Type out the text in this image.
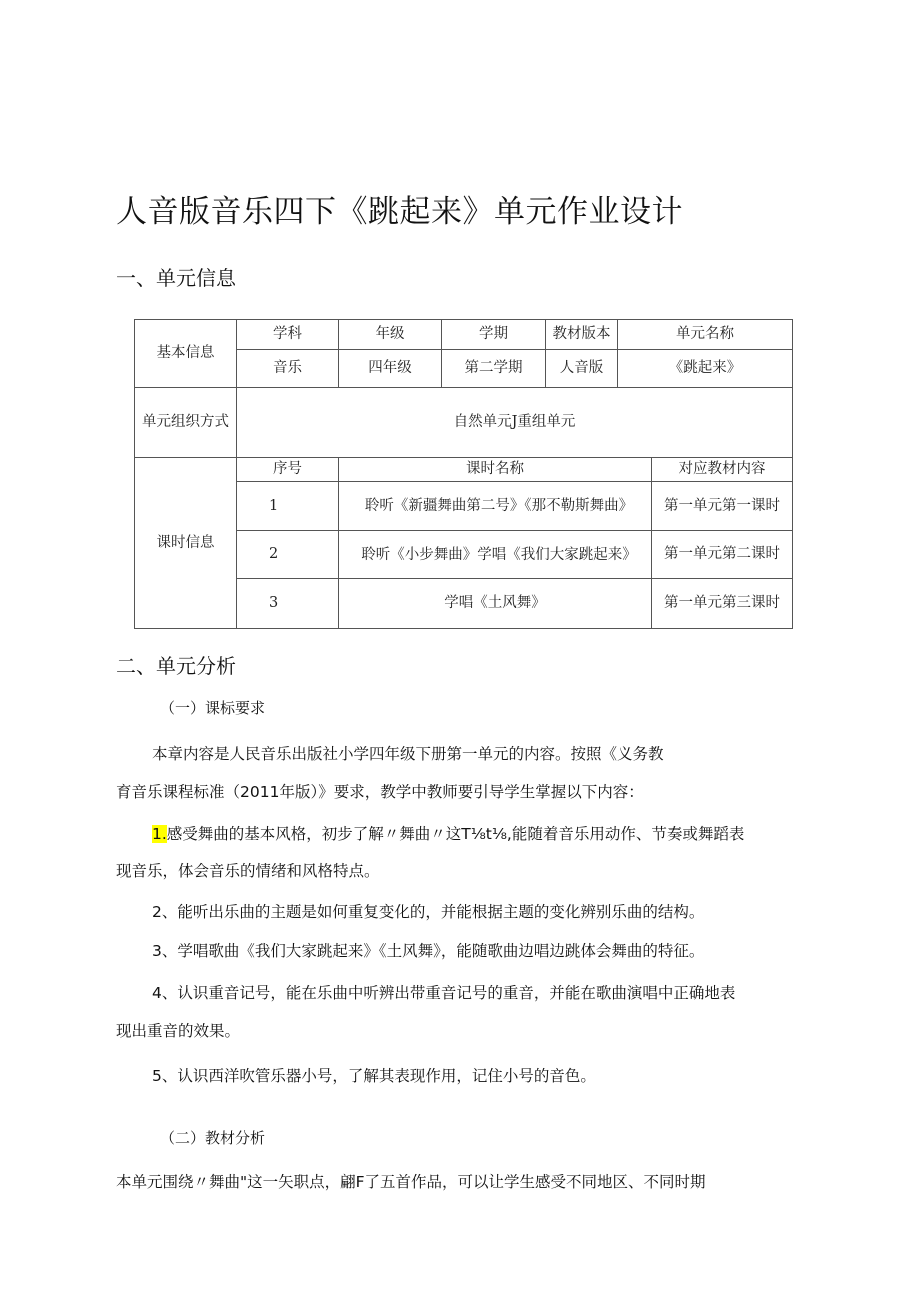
人音版音乐四下《跳起来》单元作业设计
一、单元信息
基本信息	学科	年级	学期	教材版本	单元名称	
	音乐	四年级	第二学期	人音版	《跳起来》	
单元组织方式	自然单元J重组单元					
课时信息	序号	课时名称				对应教材内容
	1	聆听《新疆舞曲第二号》《那不勒斯舞曲》				第一单元第一课时
	2	聆听《小步舞曲》学唱《我们大家跳起来》				第一单元第二课时
	3	学唱《土风舞》				第一单元第三课时
二、单元分析
（一）课标要求
本章内容是人民音乐出版社小学四年级下册第一单元的内容。按照《义务教
育音乐课程标准（2011年版）》要求，教学中教师要引导学生掌握以下内容：
1.感受舞曲的基本风格，初步了解〃舞曲〃这T⅛t⅛,能随着音乐用动作、节奏或舞蹈表
现音乐，体会音乐的情绪和风格特点。
2、能听出乐曲的主题是如何重复变化的，并能根据主题的变化辨别乐曲的结构。
3、学唱歌曲《我们大家跳起来》《土风舞》，能随歌曲边唱边跳体会舞曲的特征。
4、认识重音记号，能在乐曲中听辨出带重音记号的重音，并能在歌曲演唱中正确地表
现出重音的效果。
5、认识西洋吹管乐器小号，了解其表现作用，记住小号的音色。
（二）教材分析
本单元围绕〃舞曲"这一矢职点，翩F了五首作品，可以让学生感受不同地区、不同时期
